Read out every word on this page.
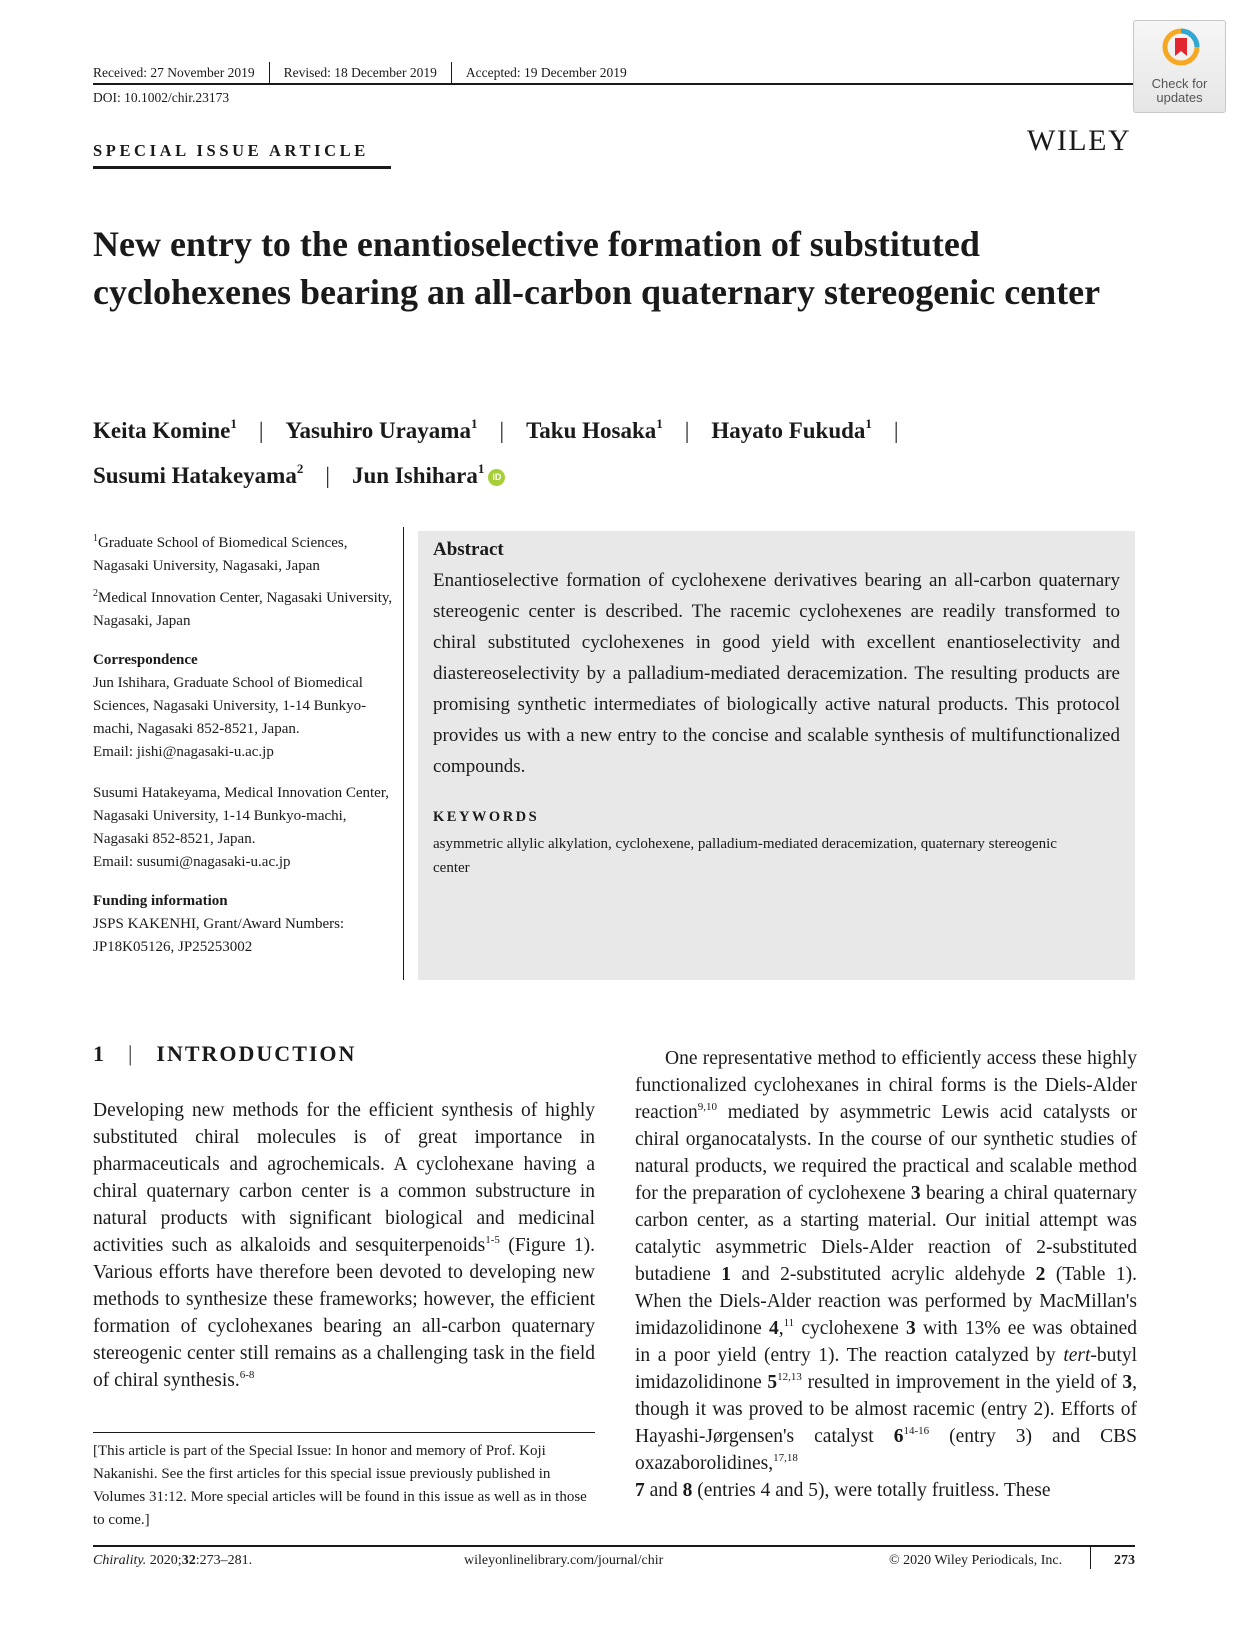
Received: 27 November 2019	Revised: 18 December 2019	Accepted: 19 December 2019
DOI: 10.1002/chir.23173
Check for
updates
SPECIAL ISSUE ARTICLE	WILEY
New entry to the enantioselective formation of substituted cyclohexenes bearing an all-carbon quaternary stereogenic center
Keita Komine$^1$ | Yasuhiro Urayama$^1$ | Taku Hosaka$^1$ | Hayato Fukuda$^1$ |
Susumi Hatakeyama$^2$ | Jun Ishihara$^1$iD

$^1$Graduate School of Biomedical Sciences, Nagasaki University, Nagasaki, Japan

$^2$Medical Innovation Center, Nagasaki University, Nagasaki, Japan

Correspondence

Jun Ishihara, Graduate School of Biomedical Sciences, Nagasaki University, 1-14 Bunkyo-machi, Nagasaki 852-8521, Japan.
Email: jishi@nagasaki-u.ac.jp

Susumi Hatakeyama, Medical Innovation Center, Nagasaki University, 1-14 Bunkyo-machi, Nagasaki 852-8521, Japan.
Email: susumi@nagasaki-u.ac.jp

Funding information

JSPS KAKENHI, Grant/Award Numbers: JP18K05126, JP25253002

Abstract

Enantioselective formation of cyclohexene derivatives bearing an all-carbon quaternary stereogenic center is described. The racemic cyclohexenes are readily transformed to chiral substituted cyclohexenes in good yield with excellent enantioselectivity and diastereoselectivity by a palladium-mediated deracemization. The resulting products are promising synthetic intermediates of biologically active natural products. This protocol provides us with a new entry to the concise and scalable synthesis of multifunctionalized compounds.

KEYWORDS

asymmetric allylic alkylation, cyclohexene, palladium-mediated deracemization, quaternary stereogenic center

1 | INTRODUCTION
Developing new methods for the efficient synthesis of highly substituted chiral molecules is of great importance in pharmaceuticals and agrochemicals. A cyclohexane having a chiral quaternary carbon center is a common substructure in natural products with significant biological and medicinal activities such as alkaloids and sesquiterpenoids$^{1-5}$ (Figure 1). Various efforts have therefore been devoted to developing new methods to synthesize these frameworks; however, the efficient formation of cyclohexanes bearing an all-carbon quaternary stereogenic center still remains as a challenging task in the field of chiral synthesis.$^{6-8}$
[This article is part of the Special Issue: In honor and memory of Prof. Koji Nakanishi. See the first articles for this special issue previously published in Volumes 31:12. More special articles will be found in this issue as well as in those to come.]
One representative method to efficiently access these highly functionalized cyclohexanes in chiral forms is the Diels-Alder reaction$^{9,10}$ mediated by asymmetric Lewis acid catalysts or chiral organocatalysts. In the course of our synthetic studies of natural products, we required the practical and scalable method for the preparation of cyclohexene 3 bearing a chiral quaternary carbon center, as a starting material. Our initial attempt was catalytic asymmetric Diels-Alder reaction of 2-substituted butadiene 1 and 2-substituted acrylic aldehyde 2 (Table 1). When the Diels-Alder reaction was performed by MacMillan's imidazolidinone 4,11 cyclohexene 3 with 13% ee was obtained in a poor yield (entry 1). The reaction catalyzed by tert-butyl imidazolidinone 5$^{12,13}$ resulted in improvement in the yield of 3, though it was proved to be almost racemic (entry 2). Efforts of Hayashi-Jørgensen's catalyst 6$^{14-16}$ (entry 3) and CBS oxazaborolidines,$^{17,18}$
7 and 8 (entries 4 and 5), were totally fruitless. These
Chirality. 2020;32:273–281.	wileyonlinelibrary.com/journal/chir	© 2020 Wiley Periodicals, Inc.	273
